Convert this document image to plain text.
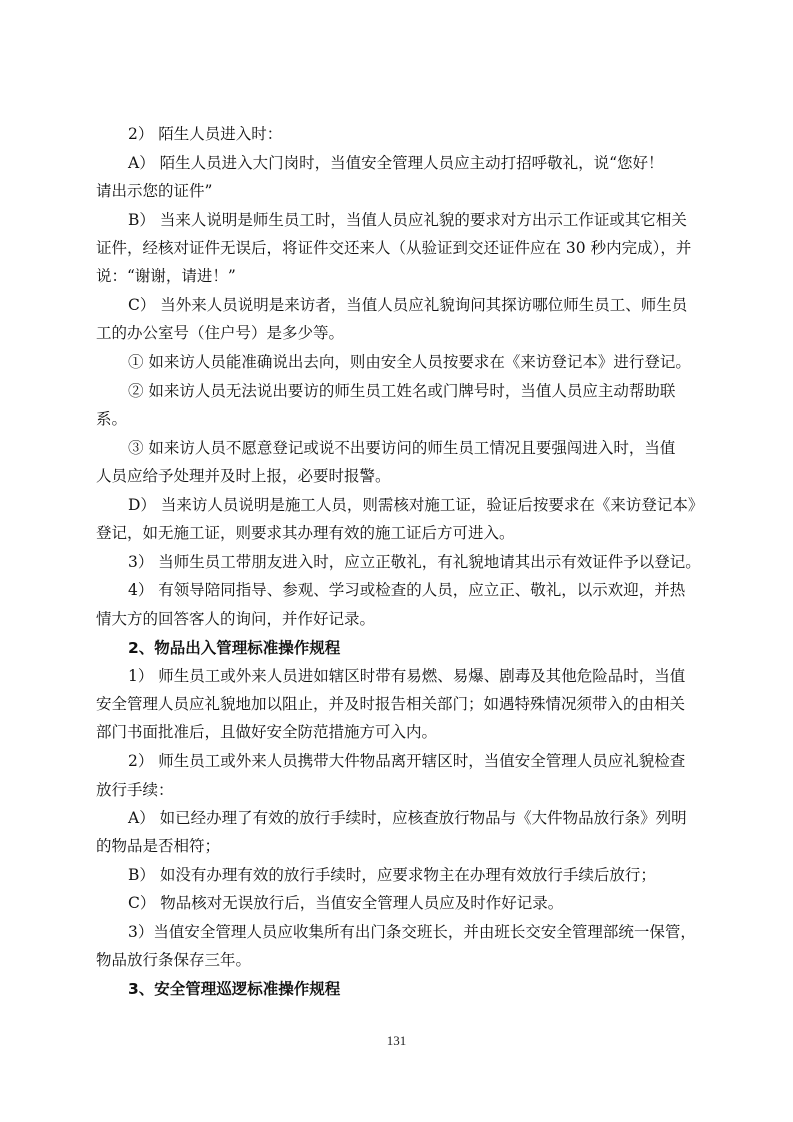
2） 陌生人员进入时：
A） 陌生人员进入大门岗时，当值安全管理人员应主动打招呼敬礼，说“您好！
请出示您的证件”
B） 当来人说明是师生员工时，当值人员应礼貌的要求对方出示工作证或其它相关
证件，经核对证件无误后，将证件交还来人（从验证到交还证件应在 30 秒内完成），并
说：“谢谢，请进！”
C） 当外来人员说明是来访者，当值人员应礼貌询问其探访哪位师生员工、师生员
工的办公室号（住户号）是多少等。
① 如来访人员能准确说出去向，则由安全人员按要求在《来访登记本》进行登记。
② 如来访人员无法说出要访的师生员工姓名或门牌号时，当值人员应主动帮助联
系。
③ 如来访人员不愿意登记或说不出要访问的师生员工情况且要强闯进入时，当值
人员应给予处理并及时上报，必要时报警。
D） 当来访人员说明是施工人员，则需核对施工证，验证后按要求在《来访登记本》
登记，如无施工证，则要求其办理有效的施工证后方可进入。
3） 当师生员工带朋友进入时，应立正敬礼，有礼貌地请其出示有效证件予以登记。
4） 有领导陪同指导、参观、学习或检查的人员，应立正、敬礼，以示欢迎，并热
情大方的回答客人的询问，并作好记录。
2、物品出入管理标准操作规程
1） 师生员工或外来人员进如辖区时带有易燃、易爆、剧毒及其他危险品时，当值
安全管理人员应礼貌地加以阻止，并及时报告相关部门；如遇特殊情况须带入的由相关
部门书面批准后，且做好安全防范措施方可入内。
2） 师生员工或外来人员携带大件物品离开辖区时，当值安全管理人员应礼貌检查
放行手续：
A） 如已经办理了有效的放行手续时，应核查放行物品与《大件物品放行条》列明
的物品是否相符；
B） 如没有办理有效的放行手续时，应要求物主在办理有效放行手续后放行；
C） 物品核对无误放行后，当值安全管理人员应及时作好记录。
3）当值安全管理人员应收集所有出门条交班长，并由班长交安全管理部统一保管，
物品放行条保存三年。
3、安全管理巡逻标准操作规程
131
